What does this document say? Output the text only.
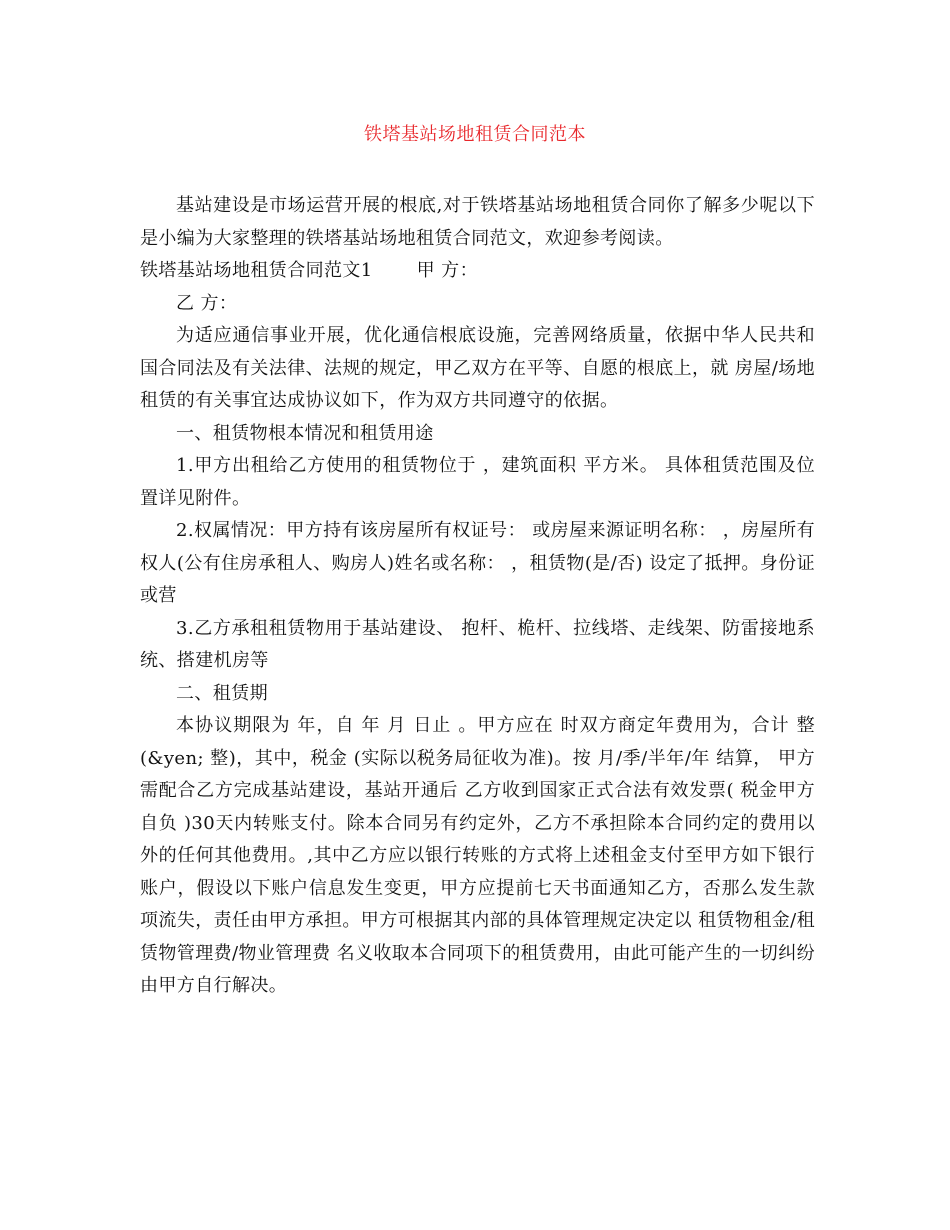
铁塔基站场地租赁合同范本

基站建设是市场运营开展的根底,对于铁塔基站场地租赁合同你了解多少呢以下是小编为大家整理的铁塔基站场地租赁合同范文，欢迎参考阅读。

铁塔基站场地租赁合同范文1 甲 方：

乙 方：

为适应通信事业开展，优化通信根底设施，完善网络质量，依据中华人民共和国合同法及有关法律、法规的规定，甲乙双方在平等、自愿的根底上，就 房屋/场地 租赁的有关事宜达成协议如下，作为双方共同遵守的依据。

一、租赁物根本情况和租赁用途

1.甲方出租给乙方使用的租赁物位于 ，建筑面积 平方米。 具体租赁范围及位置详见附件。

2.权属情况：甲方持有该房屋所有权证号： 或房屋来源证明名称： ，房屋所有权人(公有住房承租人、购房人)姓名或名称： ，租赁物(是/否) 设定了抵押。身份证或营

3.乙方承租租赁物用于基站建设、 抱杆、桅杆、拉线塔、走线架、防雷接地系统、搭建机房等

二、租赁期

本协议期限为 年，自 年 月 日止 。甲方应在 时双方商定年费用为，合计 整(&yen; 整)，其中，税金 (实际以税务局征收为准)。按 月/季/半年/年 结算， 甲方需配合乙方完成基站建设，基站开通后 乙方收到国家正式合法有效发票( 税金甲方自负 )30天内转账支付。除本合同另有约定外，乙方不承担除本合同约定的费用以外的任何其他费用。,其中乙方应以银行转账的方式将上述租金支付至甲方如下银行账户，假设以下账户信息发生变更，甲方应提前七天书面通知乙方，否那么发生款项流失，责任由甲方承担。甲方可根据其内部的具体管理规定决定以 租赁物租金/租赁物管理费/物业管理费 名义收取本合同项下的租赁费用，由此可能产生的一切纠纷由甲方自行解决。
